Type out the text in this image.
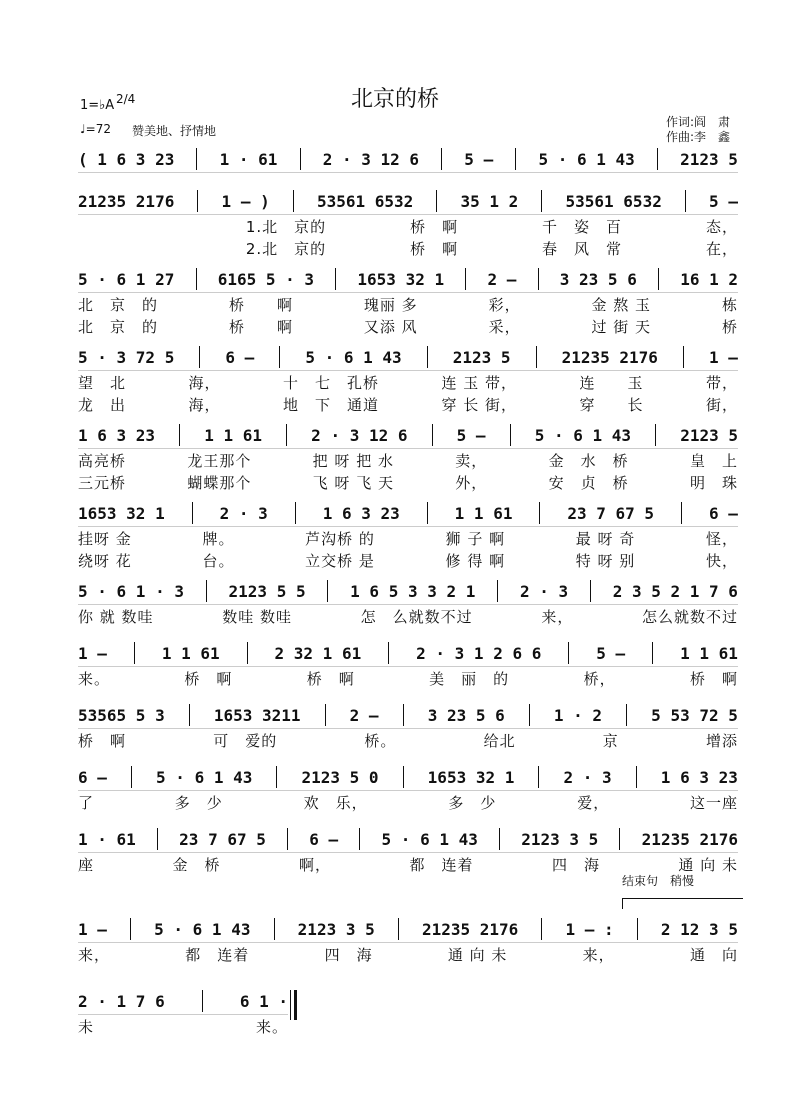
北京的桥
1=♭A 2/4
♩=72 赞美地、抒情地
作词:阎　肃
作曲:李　鑫
( 1 6 3 23	1 · 61	2 · 3 12 6	5 –	5 · 6 1 43	2123 5
21235 2176	1 – )	53561 6532	35 1 2	53561 6532	5 –
1.北　京的	桥　啊	千　姿　百	态，
2.北　京的	桥　啊	春　风　常	在，
5 · 6 1 27	6165 5 · 3	1653 32 1	2 –	3 23 5 6	16 1 2
北　京　的	桥　　啊	瑰丽 多	彩，	金 熬 玉	栋
北　京　的	桥　　啊	又添 风	采，	过 街 天	桥
5 · 3 72 5	6 –	5 · 6 1 43	2123 5	21235 2176	1 –
望　北	海，	十　七　孔桥	连 玉 带，	连　　玉	带，
龙　出	海，	地　下　通道	穿 长 街，	穿　　长	街，
1 6 3 23	1 1 61	2 · 3 12 6	5 –	5 · 6 1 43	2123 5
高亮桥	龙王那个	把 呀 把 水	卖，	金　水　桥	皇　上
三元桥	蝴蝶那个	飞 呀 飞 天	外，	安　贞　桥	明　珠
1653 32 1	2 · 3	1 6 3 23	1 1 61	23 7 67 5	6 –
挂呀 金	牌。	芦沟桥 的	狮 子 啊	最 呀 奇	怪，
绕呀 花	台。	立交桥 是	修 得 啊	特 呀 别	快，
5 · 6 1 · 3	2123 5 5	1 6 5 3 3 2 1	2 · 3	2 3 5 2 1 7 6
你 就 数哇	数哇 数哇	怎　么就数不过	来，	怎么就数不过
1 –	1 1 61	2 32 1 61	2 · 3 1 2 6 6	5 –	1 1 61
来。	桥　啊	桥　啊	美　丽　的	桥，	桥　啊
53565 5 3	1653 3211	2 –	3 23 5 6	1 · 2	5 53 72 5
桥　啊	可　爱的	桥。	给北	京	增添
6 –	5 · 6 1 43	2123 5 0	1653 32 1	2 · 3	1 6 3 23
了	多　少	欢　乐，	多　少	爱，	这一座
1 · 61	23 7 67 5	6 –	5 · 6 1 43	2123 3 5	21235 2176
座	金　桥	啊，	都　连着	四　海	通 向 未
1 –	5 · 6 1 43	2123 3 5	21235 2176	1 – :	2 12 3 5
来，	都　连着	四　海	通 向 未	来，	通　向
2 · 1 7 6	6 1 ·
未	来。
结束句　稍慢
